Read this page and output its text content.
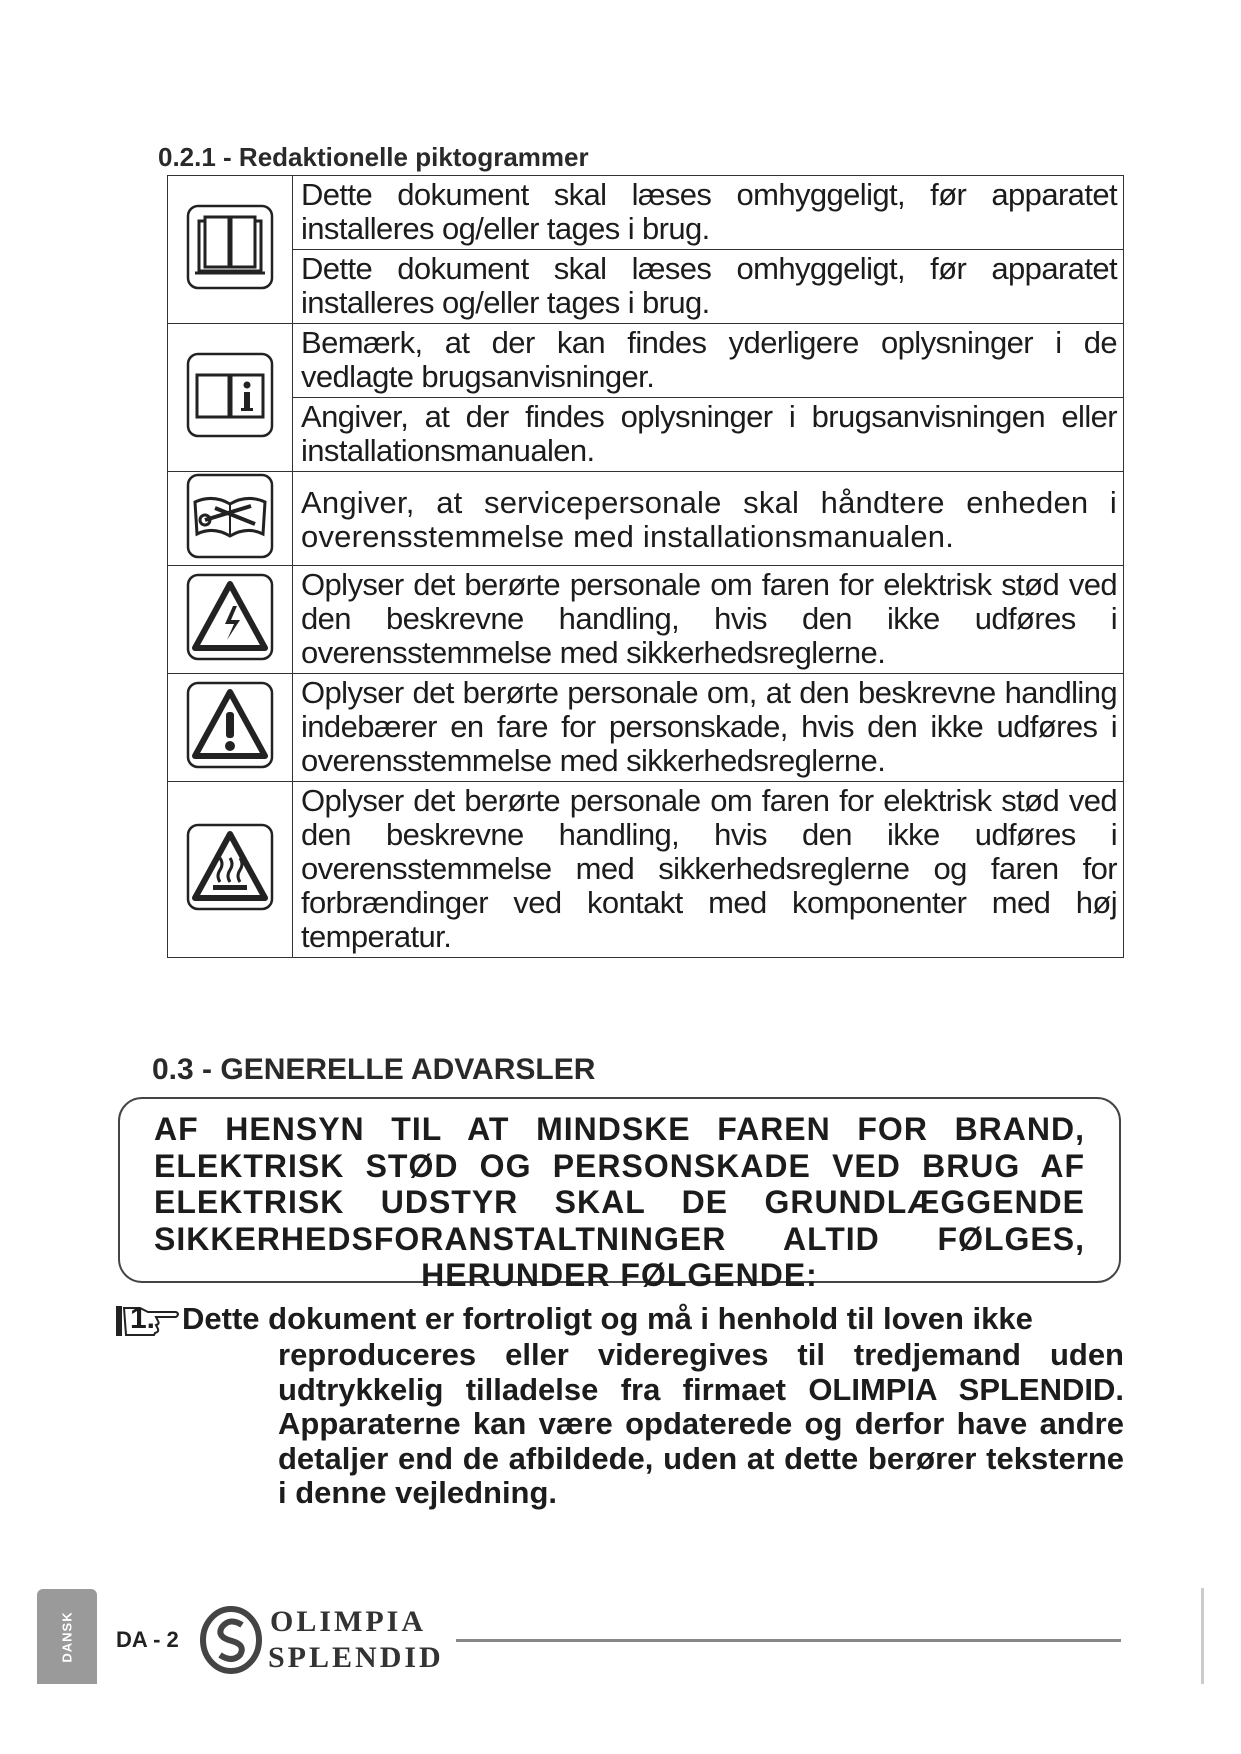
0.2.1 - Redaktionelle piktogrammer
	Dette dokument skal læses omhyggeligt, før apparatet installeres og/eller tages i brug.
	Dette dokument skal læses omhyggeligt, før apparatet installeres og/eller tages i brug.
	Bemærk, at der kan findes yderligere oplysninger i de vedlagte brugsanvisninger.
	Angiver, at der findes oplysninger i brugsanvisningen eller installationsmanualen.
	Angiver, at servicepersonale skal håndtere enheden i overensstemmelse med installationsmanualen.
	Oplyser det berørte personale om faren for elektrisk stød ved den beskrevne handling, hvis den ikke udføres i overensstemmelse med sikkerhedsreglerne.
	Oplyser det berørte personale om, at den beskrevne handling indebærer en fare for personskade, hvis den ikke udføres i overensstemmelse med sikkerhedsreglerne.
	Oplyser det berørte personale om faren for elektrisk stød ved den beskrevne handling, hvis den ikke udføres i overensstemmelse med sikkerhedsreglerne og faren for forbrændinger ved kontakt med komponenter med høj temperatur.
0.3 - GENERELLE ADVARSLER
AF HENSYN TIL AT MINDSKE FAREN FOR BRAND, ELEKTRISK STØD OG PERSONSKADE VED BRUG AF ELEKTRISK UDSTYR SKAL DE GRUNDLÆGGENDE SIKKERHEDSFORANSTALTNINGER ALTID FØLGES, HERUNDER FØLGENDE:
1. Dette dokument er fortroligt og må i henhold til loven ikke
reproduceres eller videregives til tredjemand uden udtrykkelig tilladelse fra firmaet OLIMPIA SPLENDID. Apparaterne kan være opdaterede og derfor have andre detaljer end de afbildede, uden at dette berører teksterne i denne vejledning.
DANSK DA - 2
OLIMPIA
SPLENDID
